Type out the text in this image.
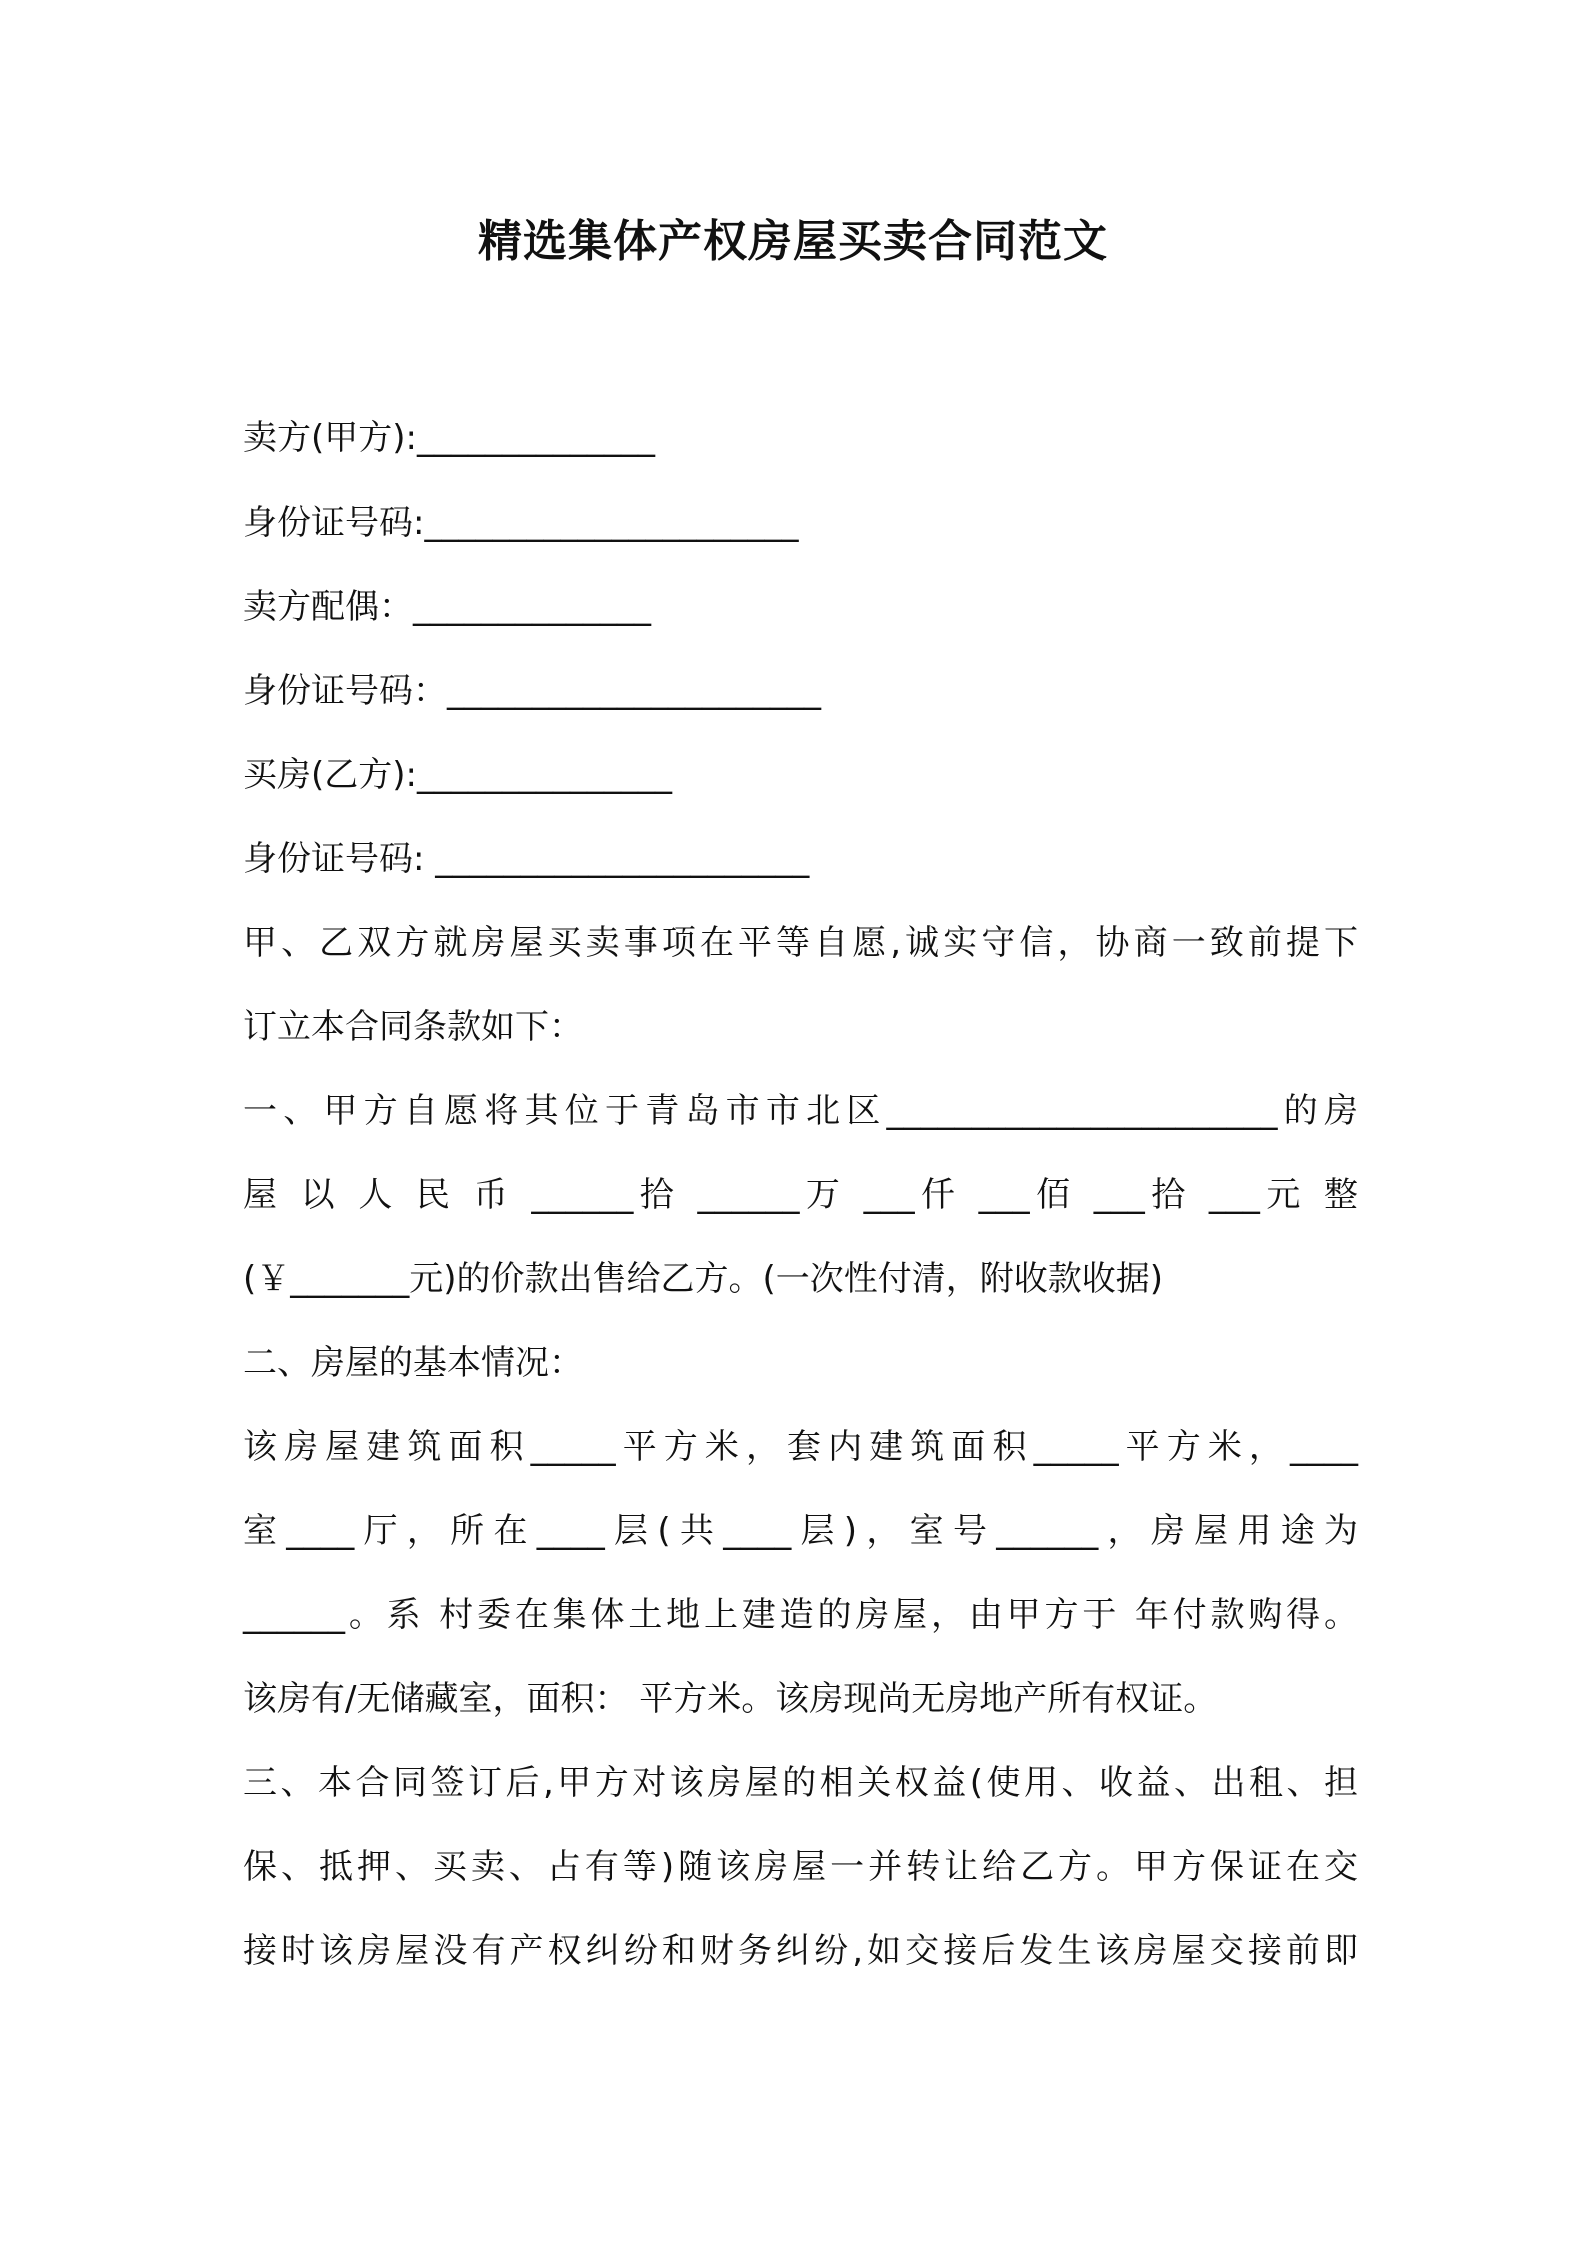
精选集体产权房屋买卖合同范文
卖方(甲方):______________
身份证号码:______________________
卖方配偶：______________
身份证号码：______________________
买房(乙方):_______________
身份证号码: ______________________
甲、乙双方就房屋买卖事项在平等自愿,诚实守信，协商一致前提下
订立本合同条款如下：
一、甲方自愿将其位于青岛市市北区_______________________的房
屋 以 人 民 币 ______拾 ______万 ___仟 ___佰 ___拾 ___元 整
(￥_______元)的价款出售给乙方。(一次性付清，附收款收据)
二、房屋的基本情况：
该房屋建筑面积_____平方米，套内建筑面积_____平方米，____
室____厅，所在____层(共____层)，室号______，房屋用途为
______。系 村委在集体土地上建造的房屋，由甲方于 年付款购得。
该房有/无储藏室，面积： 平方米。该房现尚无房地产所有权证。
三、本合同签订后,甲方对该房屋的相关权益(使用、收益、出租、担
保、抵押、买卖、占有等)随该房屋一并转让给乙方。甲方保证在交
接时该房屋没有产权纠纷和财务纠纷,如交接后发生该房屋交接前即
